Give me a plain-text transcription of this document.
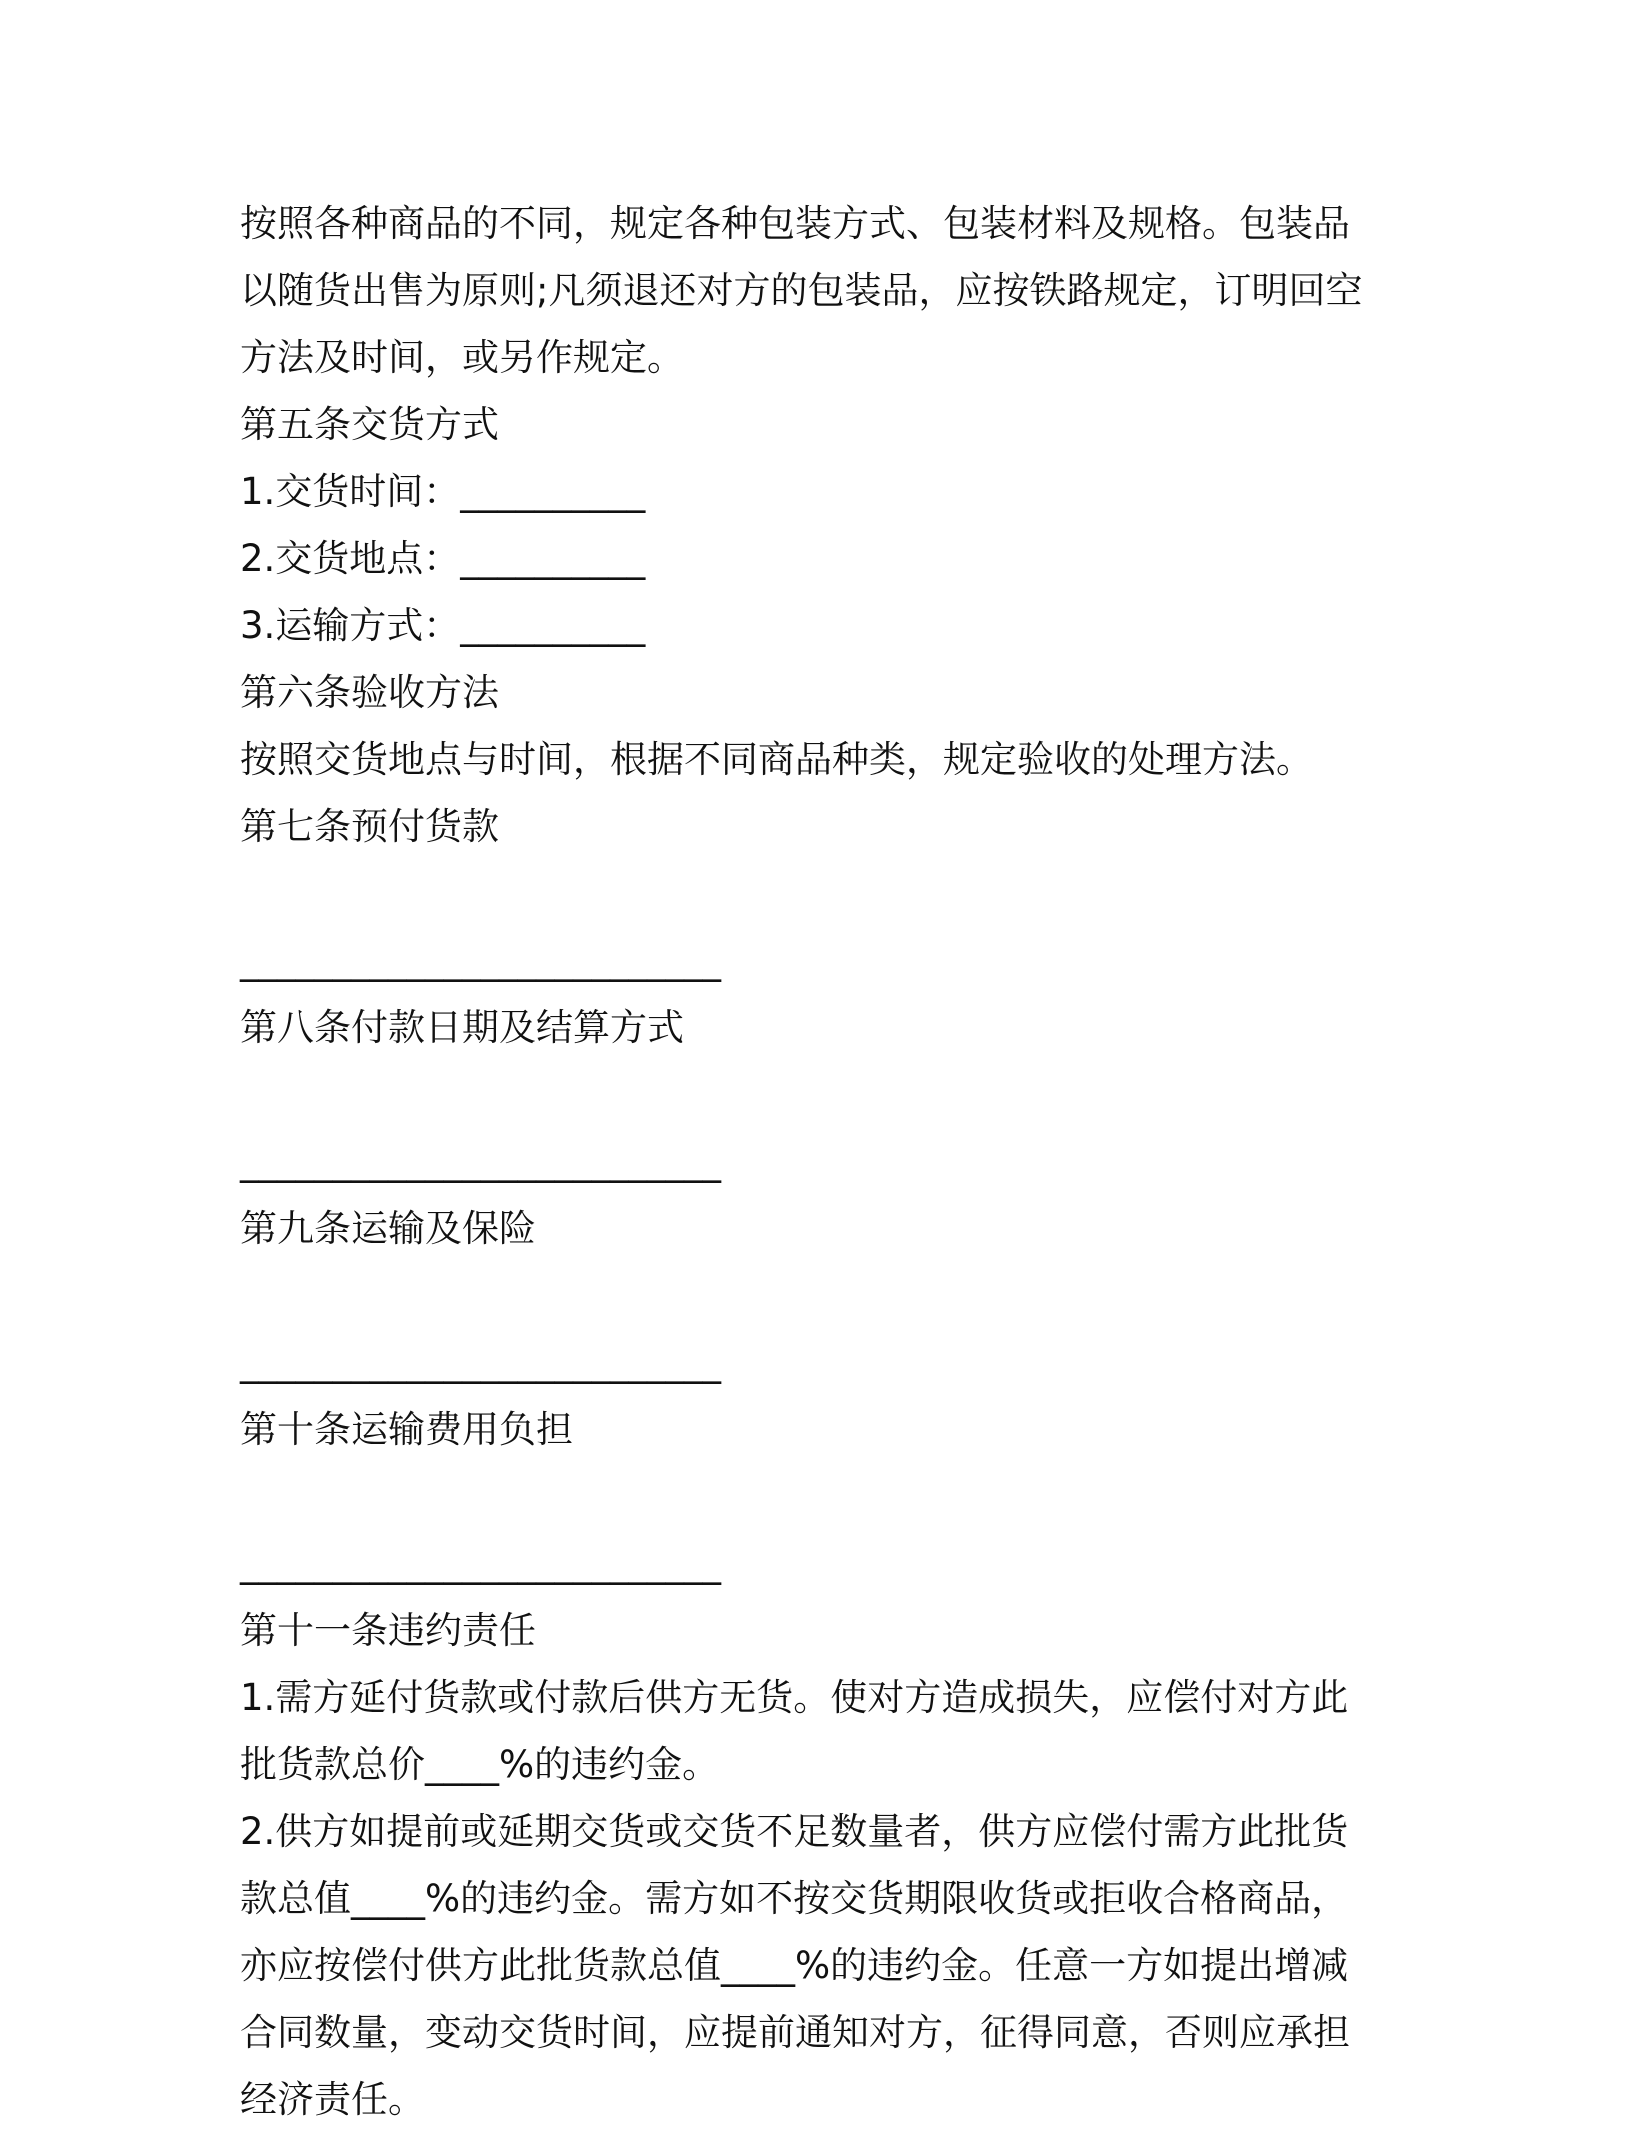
按照各种商品的不同，规定各种包装方式、包装材料及规格。包装品
以随货出售为原则;凡须退还对方的包装品，应按铁路规定，订明回空
方法及时间，或另作规定。
第五条交货方式
1.交货时间：__________
2.交货地点：__________
3.运输方式：__________
第六条验收方法
按照交货地点与时间，根据不同商品种类，规定验收的处理方法。
第七条预付货款
__________________________
第八条付款日期及结算方式
__________________________
第九条运输及保险
__________________________
第十条运输费用负担
__________________________
第十一条违约责任
1.需方延付货款或付款后供方无货。使对方造成损失，应偿付对方此
批货款总价____%的违约金。
2.供方如提前或延期交货或交货不足数量者，供方应偿付需方此批货
款总值____%的违约金。需方如不按交货期限收货或拒收合格商品，
亦应按偿付供方此批货款总值____%的违约金。任意一方如提出增减
合同数量，变动交货时间，应提前通知对方，征得同意，否则应承担
经济责任。
